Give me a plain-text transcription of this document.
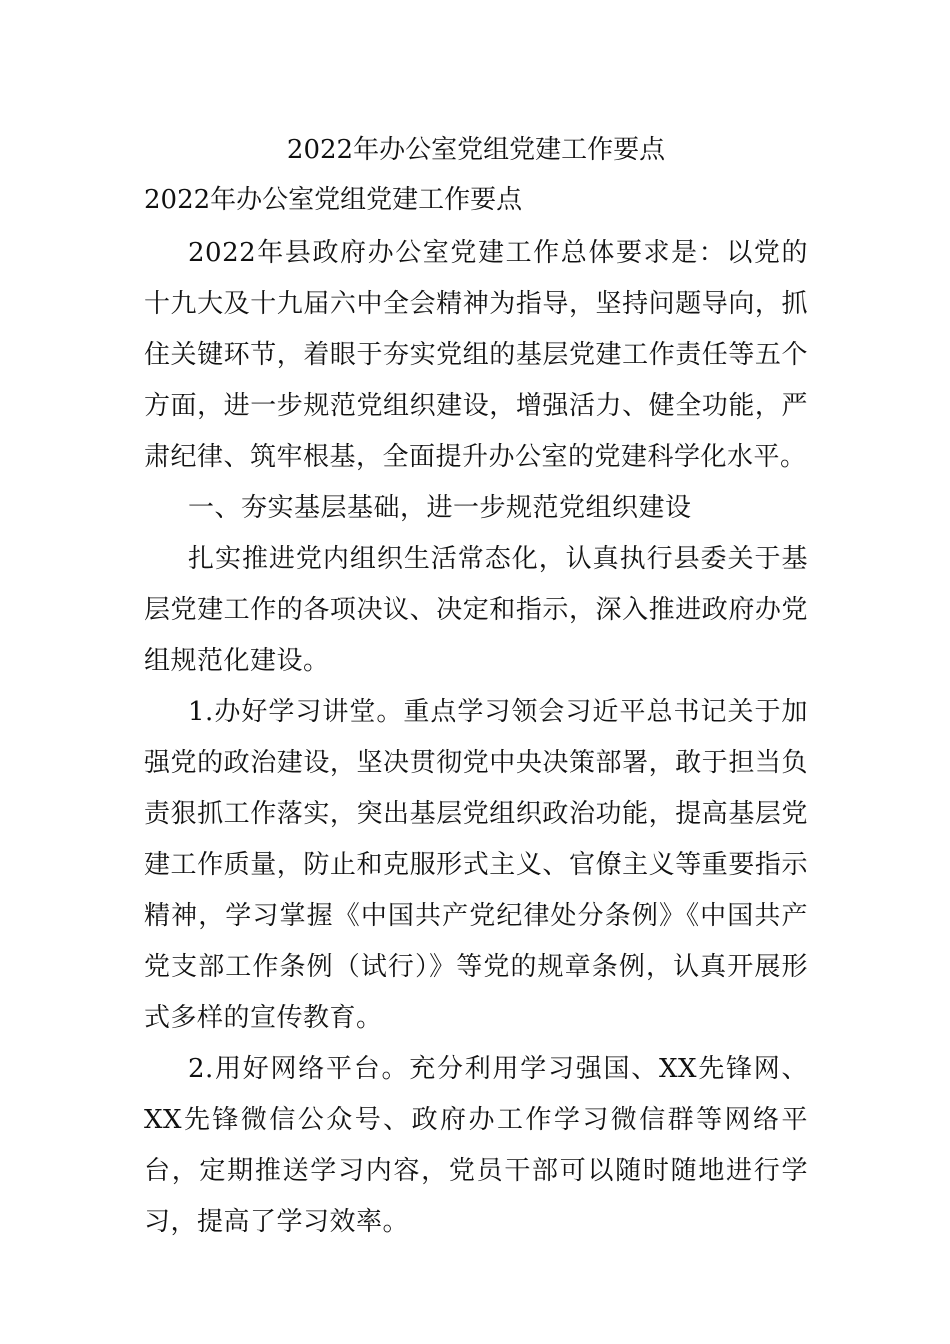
2022年办公室党组党建工作要点
2022年办公室党组党建工作要点

2022年县政府办公室党建工作总体要求是：以党的十九大及十九届六中全会精神为指导，坚持问题导向，抓住关键环节，着眼于夯实党组的基层党建工作责任等五个方面，进一步规范党组织建设，增强活力、健全功能，严肃纪律、筑牢根基，全面提升办公室的党建科学化水平。

一、夯实基层基础，进一步规范党组织建设

扎实推进党内组织生活常态化，认真执行县委关于基层党建工作的各项决议、决定和指示，深入推进政府办党组规范化建设。

1.办好学习讲堂。重点学习领会习近平总书记关于加强党的政治建设，坚决贯彻党中央决策部署，敢于担当负责狠抓工作落实，突出基层党组织政治功能，提高基层党建工作质量，防止和克服形式主义、官僚主义等重要指示精神，学习掌握《中国共产党纪律处分条例》《中国共产党支部工作条例（试行）》等党的规章条例，认真开展形式多样的宣传教育。

2.用好网络平台。充分利用学习强国、XX先锋网、XX先锋微信公众号、政府办工作学习微信群等网络平台，定期推送学习内容，党员干部可以随时随地进行学习，提高了学习效率。
